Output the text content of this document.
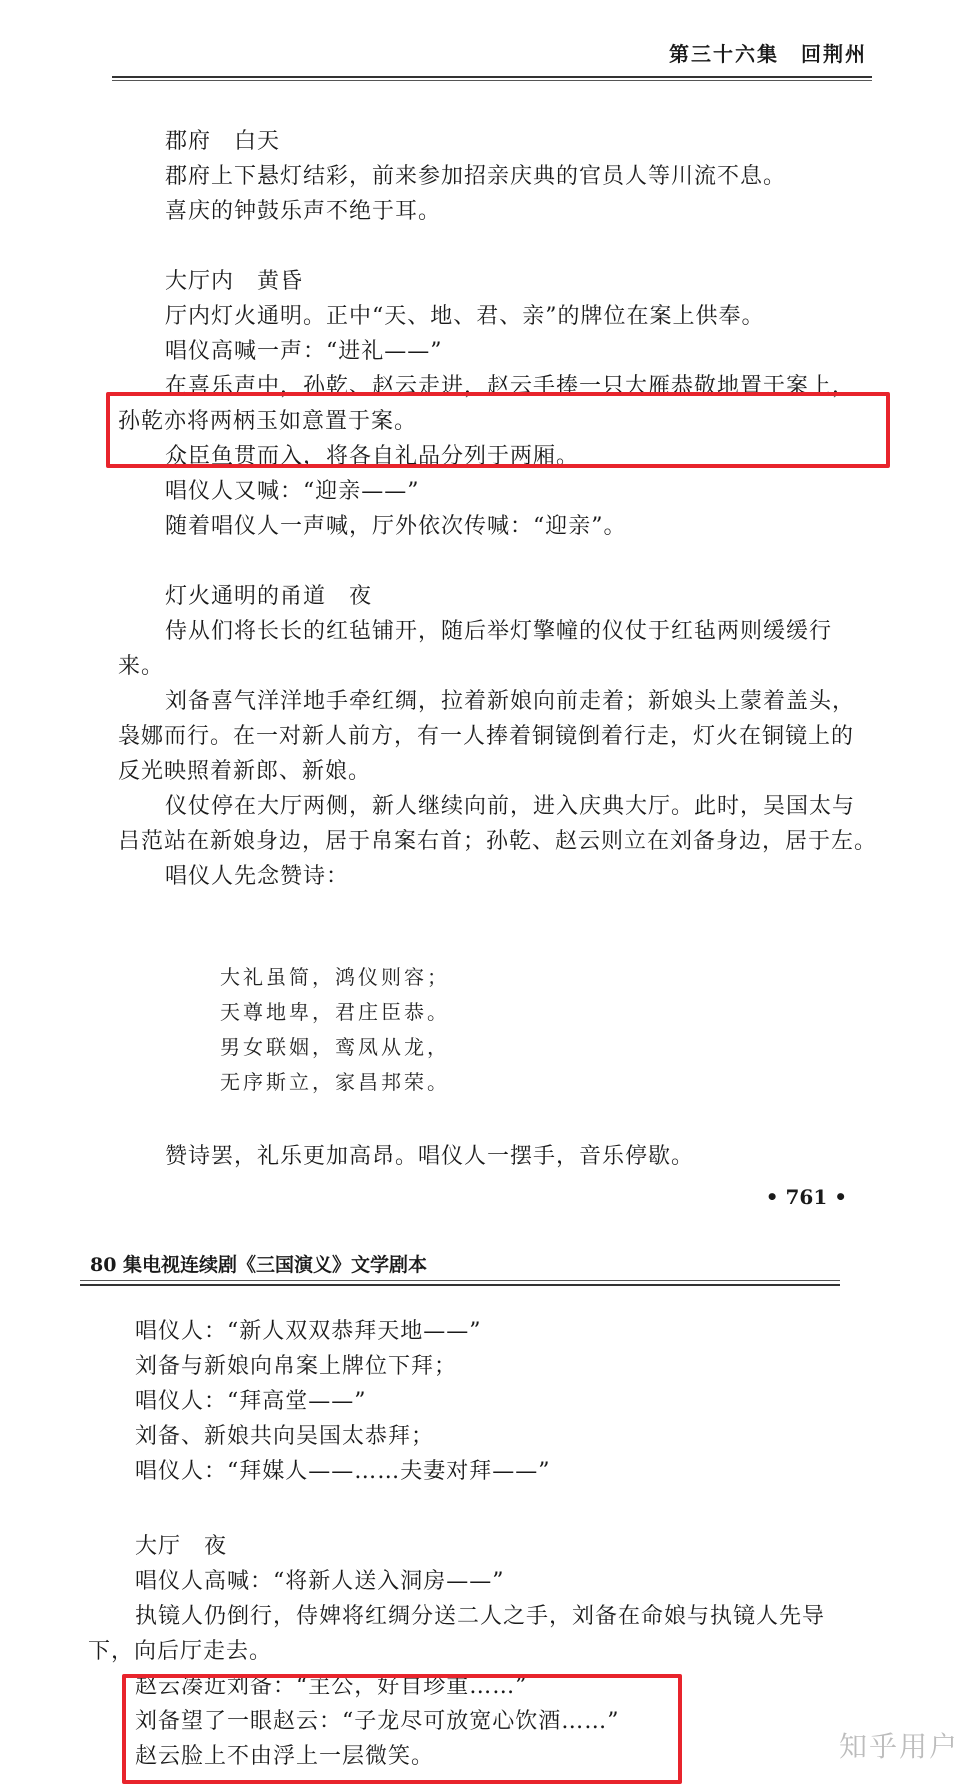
第三十六集　回荆州
郡府　白天
郡府上下悬灯结彩，前来参加招亲庆典的官员人等川流不息。
喜庆的钟鼓乐声不绝于耳。
大厅内　黄昏
厅内灯火通明。正中“天、地、君、亲”的牌位在案上供奉。
唱仪高喊一声：“进礼——”
在喜乐声中，孙乾、赵云走进，赵云手捧一只大雁恭敬地置于案上，
孙乾亦将两柄玉如意置于案。
众臣鱼贯而入，将各自礼品分列于两厢。
唱仪人又喊：“迎亲——”
随着唱仪人一声喊，厅外依次传喊：“迎亲”。
灯火通明的甬道　夜
侍从们将长长的红毡铺开，随后举灯擎幢的仪仗于红毡两则缓缓行
来。
刘备喜气洋洋地手牵红绸，拉着新娘向前走着；新娘头上蒙着盖头，
袅娜而行。在一对新人前方，有一人捧着铜镜倒着行走，灯火在铜镜上的
反光映照着新郎、新娘。
仪仗停在大厅两侧，新人继续向前，进入庆典大厅。此时，吴国太与
吕范站在新娘身边，居于帛案右首；孙乾、赵云则立在刘备身边，居于左。
唱仪人先念赞诗：
大礼虽简，鸿仪则容；
天尊地卑，君庄臣恭。
男女联姻，鸾凤从龙，
无序斯立，家昌邦荣。
赞诗罢，礼乐更加高昂。唱仪人一摆手，音乐停歇。
• 761 •
80 集电视连续剧《三国演义》文学剧本
唱仪人：“新人双双恭拜天地——”
刘备与新娘向帛案上牌位下拜；
唱仪人：“拜高堂——”
刘备、新娘共向吴国太恭拜；
唱仪人：“拜媒人——……夫妻对拜——”
大厅　夜
唱仪人高喊：“将新人送入洞房——”
执镜人仍倒行，侍婢将红绸分送二人之手，刘备在命娘与执镜人先导
下，向后厅走去。
赵云凑近刘备：“主公，好自珍重……”
刘备望了一眼赵云：“子龙尽可放宽心饮酒……”
赵云脸上不由浮上一层微笑。	知乎用户
